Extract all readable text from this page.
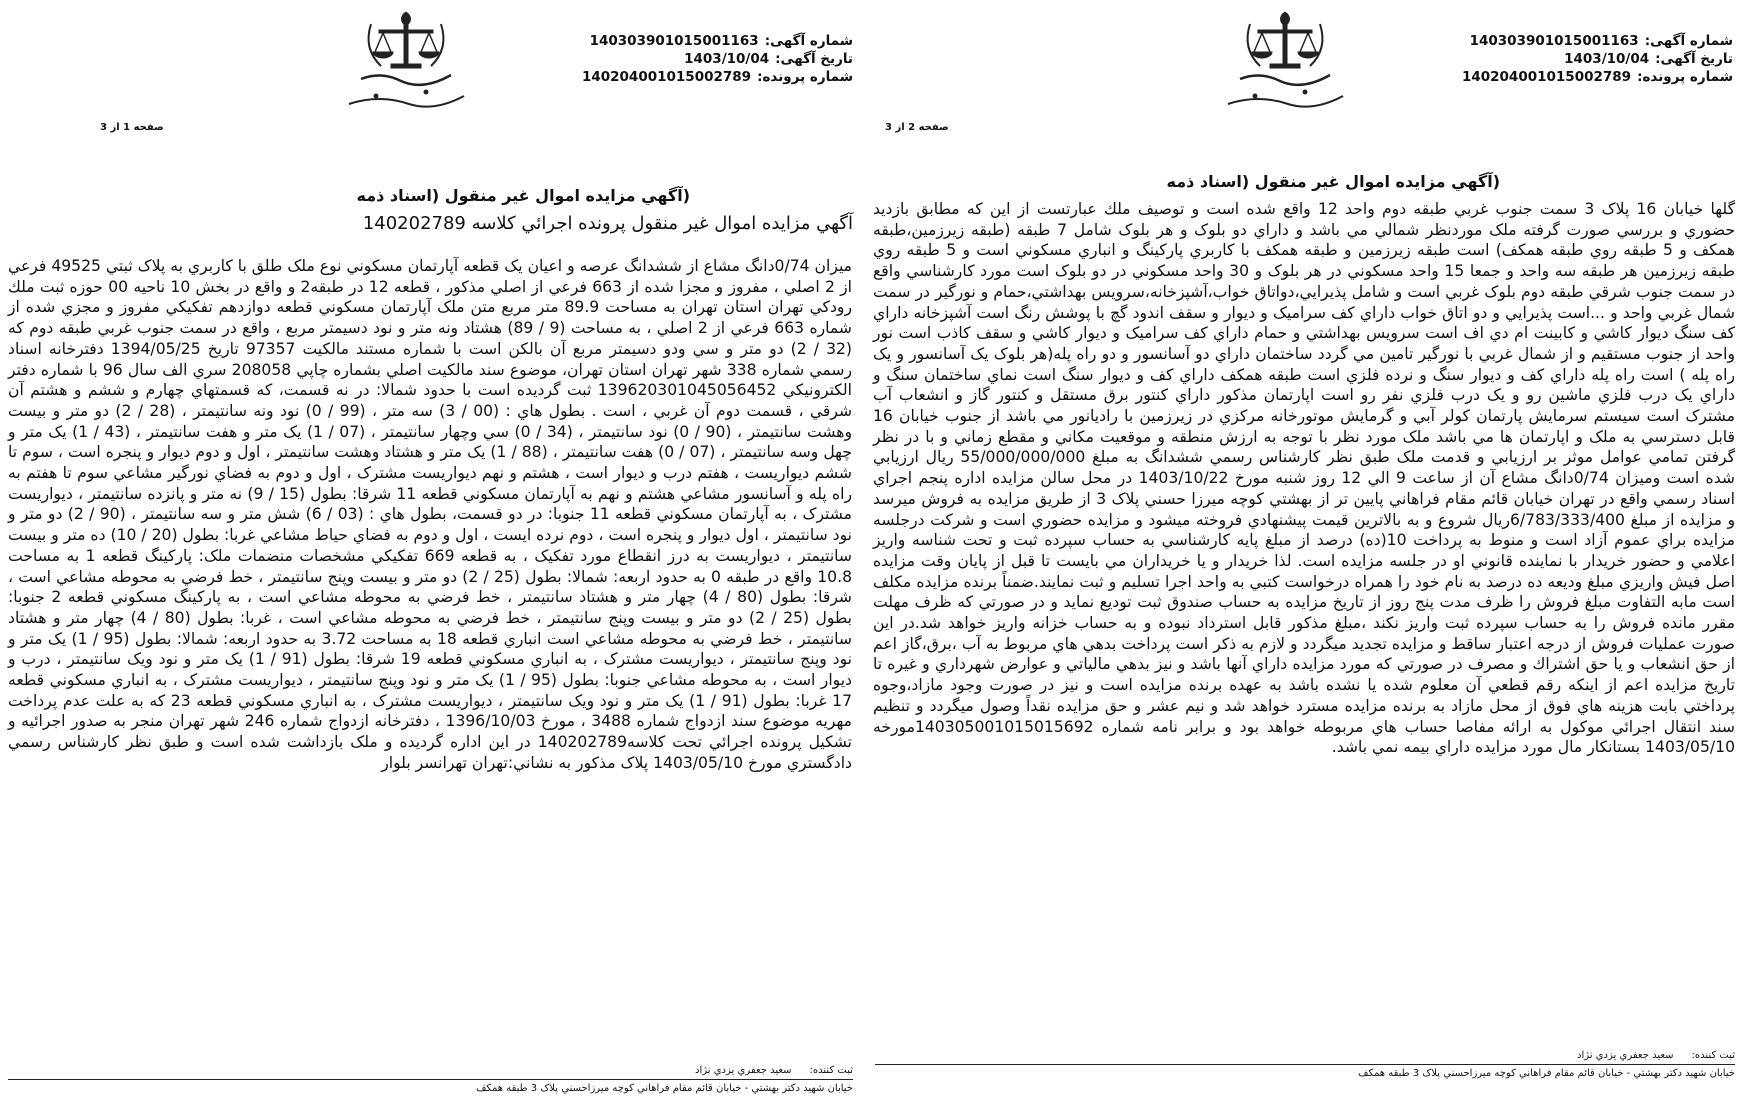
شماره آگهی:140303901015001163
تاریخ آگهی:1403/10/04
شماره پرونده:140204001015002789
صفحه 2 از 3
(آگهي مزايده اموال غير منقول (اسناد ذمه
گلها خیابان 16 پلاک 3 سمت جنوب غربي طبقه دوم واحد 12 واقع شده است و توصيف ملك عبارتست از اين كه مطابق بازديد حضوري و بررسي صورت گرفته ملک موردنظر شمالي مي باشد و داراي دو بلوک و هر بلوک شامل 7 طبقه (طبقه زيرزمين،طبقه همكف و 5 طبقه روي طبقه همكف) است طبقه زيرزمين و طبقه همكف با كاربري پاركينگ و انباري مسكوني است و 5 طبقه روي طبقه زيرزمين هر طبقه سه واحد و جمعا 15 واحد مسكوني در هر بلوک و 30 واحد مسكوني در دو بلوک است مورد كارشناسي واقع در سمت جنوب شرقي طبقه دوم بلوک غربي است و شامل پذيرايي،دواتاق خواب،آشپزخانه،سرويس بهداشتي،حمام و نورگير در سمت شمال غربي واحد و ...است پذيرايي و دو اتاق خواب داراي كف سراميک و ديوار و سقف اندود گچ با پوشش رنگ است آشپزخانه داراي كف سنگ ديوار كاشي و كابينت ام دي اف است سرويس بهداشتي و حمام داراي كف سراميک و ديوار كاشي و سقف كاذب است نور واحد از جنوب مستقيم و از شمال غربي با نورگير تامين مي گردد ساختمان داراي دو آسانسور و دو راه پله(هر بلوک يک آسانسور و يک راه پله ) است راه پله داراي كف و ديوار سنگ و نرده فلزي است طبقه همكف داراي كف و ديوار سنگ است نماي ساختمان سنگ و داراي يک درب فلزي ماشين رو و يک درب فلزي نفر رو است اپارتمان مذكور داراي كنتور برق مستقل و كنتور گاز و انشعاب آب مشترک است سيستم سرمايش پارتمان كولر آبي و گرمايش موتورخانه مركزي در زيرزمين با راديانور مي باشد از جنوب خيابان 16 قابل دسترسي به ملک و اپارتمان ها مي باشد ملک مورد نظر با توجه به ارزش منطقه و موقعيت مكاني و مقطع زماني و با در نظر گرفتن تمامي عوامل موثر بر ارزيابي و قدمت ملک طبق نظر كارشناس رسمي ششدانگ به مبلغ 55/000/000/000 ريال ارزيابي شده است وميزان 0/74دانگ مشاع آن از ساعت 9 الي 12 روز شنبه مورخ 1403/10/22 در محل سالن مزايده اداره پنجم اجراي اسناد رسمي واقع در تهران خيابان قائم مقام فراهاني پايين تر از بهشتي كوچه ميرزا حسني پلاک 3 از طريق مزايده به فروش ميرسد و مزايده از مبلغ 6/783/333/400ريال شروع و به بالاترين قيمت پيشنهادي فروخته ميشود و مزايده حضوري است و شركت درجلسه مزايده براي عموم آزاد است و منوط به پرداخت 10(ده) درصد از مبلغ پايه كارشناسي به حساب سپرده ثبت و تحت شناسه واريز اعلامي و حضور خريدار با نماينده قانوني او در جلسه مزايده است. لذا خريدار و يا خريداران مي بايست تا قبل از پايان وقت مزايده اصل فيش واريزي مبلغ وديعه ده درصد به نام خود را همراه درخواست كتبي به واحد اجرا تسليم و ثبت نمايند.ضمناً برنده مزايده مكلف است مابه التفاوت مبلغ فروش را ظرف مدت پنج روز از تاريخ مزايده به حساب صندوق ثبت توديع نمايد و در صورتي كه ظرف مهلت مقرر مانده فروش را به حساب سپرده ثبت واريز نكند ،مبلغ مذكور قابل استرداد نبوده و به حساب خزانه واريز خواهد شد.در اين صورت عمليات فروش از درجه اعتبار ساقط و مزايده تجديد ميگردد و لازم به ذكر است پرداخت بدهي هاي مربوط به آب ،برق،گاز اعم از حق انشعاب و يا حق اشتراك و مصرف در صورتي كه مورد مزايده داراي آنها باشد و نيز بدهي مالياتي و عوارض شهرداري و غيره تا تاريخ مزايده اعم از اينكه رقم قطعي آن معلوم شده يا نشده باشد به عهده برنده مزايده است و نيز در صورت وجود مازاد،وجوه پرداختي بابت هزينه هاي فوق از محل مازاد به برنده مزايده مسترد خواهد شد و نيم عشر و حق مزايده نقداً وصول ميگردد و تنظيم سند انتقال اجرائي موكول به ارائه مفاصا حساب هاي مربوطه خواهد بود و برابر نامه شماره 140305001015015692مورخه 1403/05/10 بستانكار مال مورد مزايده داراي بيمه نمي باشد.
ثبت کننده:
سعيد جعفري يزدي نژاد
خيابان شهيد دكتر بهشتي - خيابان قائم مقام فراهاني كوچه ميرزاحسني پلاک 3 طبقه همكف
شماره آگهی:140303901015001163
تاریخ آگهی:1403/10/04
شماره پرونده:140204001015002789
صفحه 1 از 3
(آگهي مزايده اموال غير منقول (اسناد ذمه
آگهي مزايده اموال غير منقول پرونده اجرائي كلاسه 140202789
ميزان 0/74دانگ مشاع از ششدانگ عرصه و اعيان يک قطعه آپارتمان مسكوني نوع ملک طلق با كاربري به پلاک ثبتي 49525 فرعي از 2 اصلي ، مفروز و مجزا شده از 663 فرعي از اصلي مذكور ، قطعه 12 در طبقه2 و واقع در بخش 10 ناحيه 00 حوزه ثبت ملك رودكي تهران استان تهران به مساحت 89.9 متر مربع متن ملک آپارتمان مسكوني قطعه دوازدهم تفكيكي مفروز و مجزي شده از شماره 663 فرعي از 2 اصلي ، به مساحت (9 / 89) هشتاد ونه متر و نود دسيمتر مربع ، واقع در سمت جنوب غربي طبقه دوم كه (32 / 2) دو متر و سي ودو دسيمتر مربع آن بالكن است با شماره مستند مالكيت 97357 تاريخ 1394/05/25 دفترخانه اسناد رسمي شماره 338 شهر تهران استان تهران، موضوع سند مالكيت اصلي بشماره چاپي 208058 سري الف سال 96 با شماره دفتر الكترونيكي 139620301045056452 ثبت گرديده است با حدود شمالا: در نه قسمت، كه قسمتهاي چهارم و ششم و هشتم آن شرقي ، قسمت دوم آن غربي ، است . بطول هاي : (00 / 3) سه متر ، (99 / 0) نود ونه سانتيمتر ، (28 / 2) دو متر و بيست وهشت سانتيمتر ، (90 / 0) نود سانتيمتر ، (34 / 0) سي وچهار سانتيمتر ، (07 / 1) يک متر و هفت سانتيمتر ، (43 / 1) يک متر و چهل وسه سانتيمتر ، (07 / 0) هفت سانتيمتر ، (88 / 1) يک متر و هشتاد وهشت سانتيمتر ، اول و دوم ديوار و پنجره است ، سوم تا ششم ديواريست ، هفتم درب و ديوار است ، هشتم و نهم ديواريست مشترک ، اول و دوم به فضاي نورگير مشاعي سوم تا هفتم به راه پله و آسانسور مشاعي هشتم و نهم به آپارتمان مسكوني قطعه 11 شرقا: بطول (15 / 9) نه متر و پانزده سانتيمتر ، ديواريست مشترک ، به آپارتمان مسكوني قطعه 11 جنوبا: در دو قسمت، بطول هاي : (03 / 6) شش متر و سه سانتيمتر ، (90 / 2) دو متر و نود سانتيمتر ، اول ديوار و پنجره است ، دوم نرده ايست ، اول و دوم به فضاي حياط مشاعي غربا: بطول (20 / 10) ده متر و بيست سانتيمتر ، ديواريست به درز انقطاع مورد تفكيک ، به قطعه 669 تفكيكي مشخصات منضمات ملک: پاركينگ قطعه 1 به مساحت 10.8 واقع در طبقه 0 به حدود اربعه: شمالا: بطول (25 / 2) دو متر و بيست وپنج سانتيمتر ، خط فرضي به محوطه مشاعي است ، شرقا: بطول (80 / 4) چهار متر و هشتاد سانتيمتر ، خط فرضي به محوطه مشاعي است ، به پاركينگ مسكوني قطعه 2 جنوبا: بطول (25 / 2) دو متر و بيست وپنج سانتيمتر ، خط فرضي به محوطه مشاعي است ، غربا: بطول (80 / 4) چهار متر و هشتاد سانتيمتر ، خط فرضي به محوطه مشاعي است انباري قطعه 18 به مساحت 3.72 به حدود اربعه: شمالا: بطول (95 / 1) يک متر و نود وپنج سانتيمتر ، ديواريست مشترک ، به انباري مسكوني قطعه 19 شرقا: بطول (91 / 1) يک متر و نود ويک سانتيمتر ، درب و ديوار است ، به محوطه مشاعي جنوبا: بطول (95 / 1) يک متر و نود وپنج سانتيمتر ، ديواريست مشترک ، به انباري مسكوني قطعه 17 غربا: بطول (91 / 1) يک متر و نود ويک سانتيمتر ، ديواريست مشترک ، به انباري مسكوني قطعه 23 كه به علت عدم پرداخت مهريه موضوع سند ازدواج شماره 3488 ، مورخ 1396/10/03 ، دفترخانه ازدواج شماره 246 شهر تهران منجر به صدور اجرائيه و تشكيل پرونده اجرائي تحت كلاسه140202789 در اين اداره گرديده و ملک بازداشت شده است و طبق نظر كارشناس رسمي دادگستري مورخ 1403/05/10 پلاک مذكور به نشاني:تهران تهرانسر بلوار
ثبت کننده:
سعيد جعفري يزدي نژاد
خيابان شهيد دكتر بهشتي - خيابان قائم مقام فراهاني كوچه ميرزاحسني پلاک 3 طبقه همكف
